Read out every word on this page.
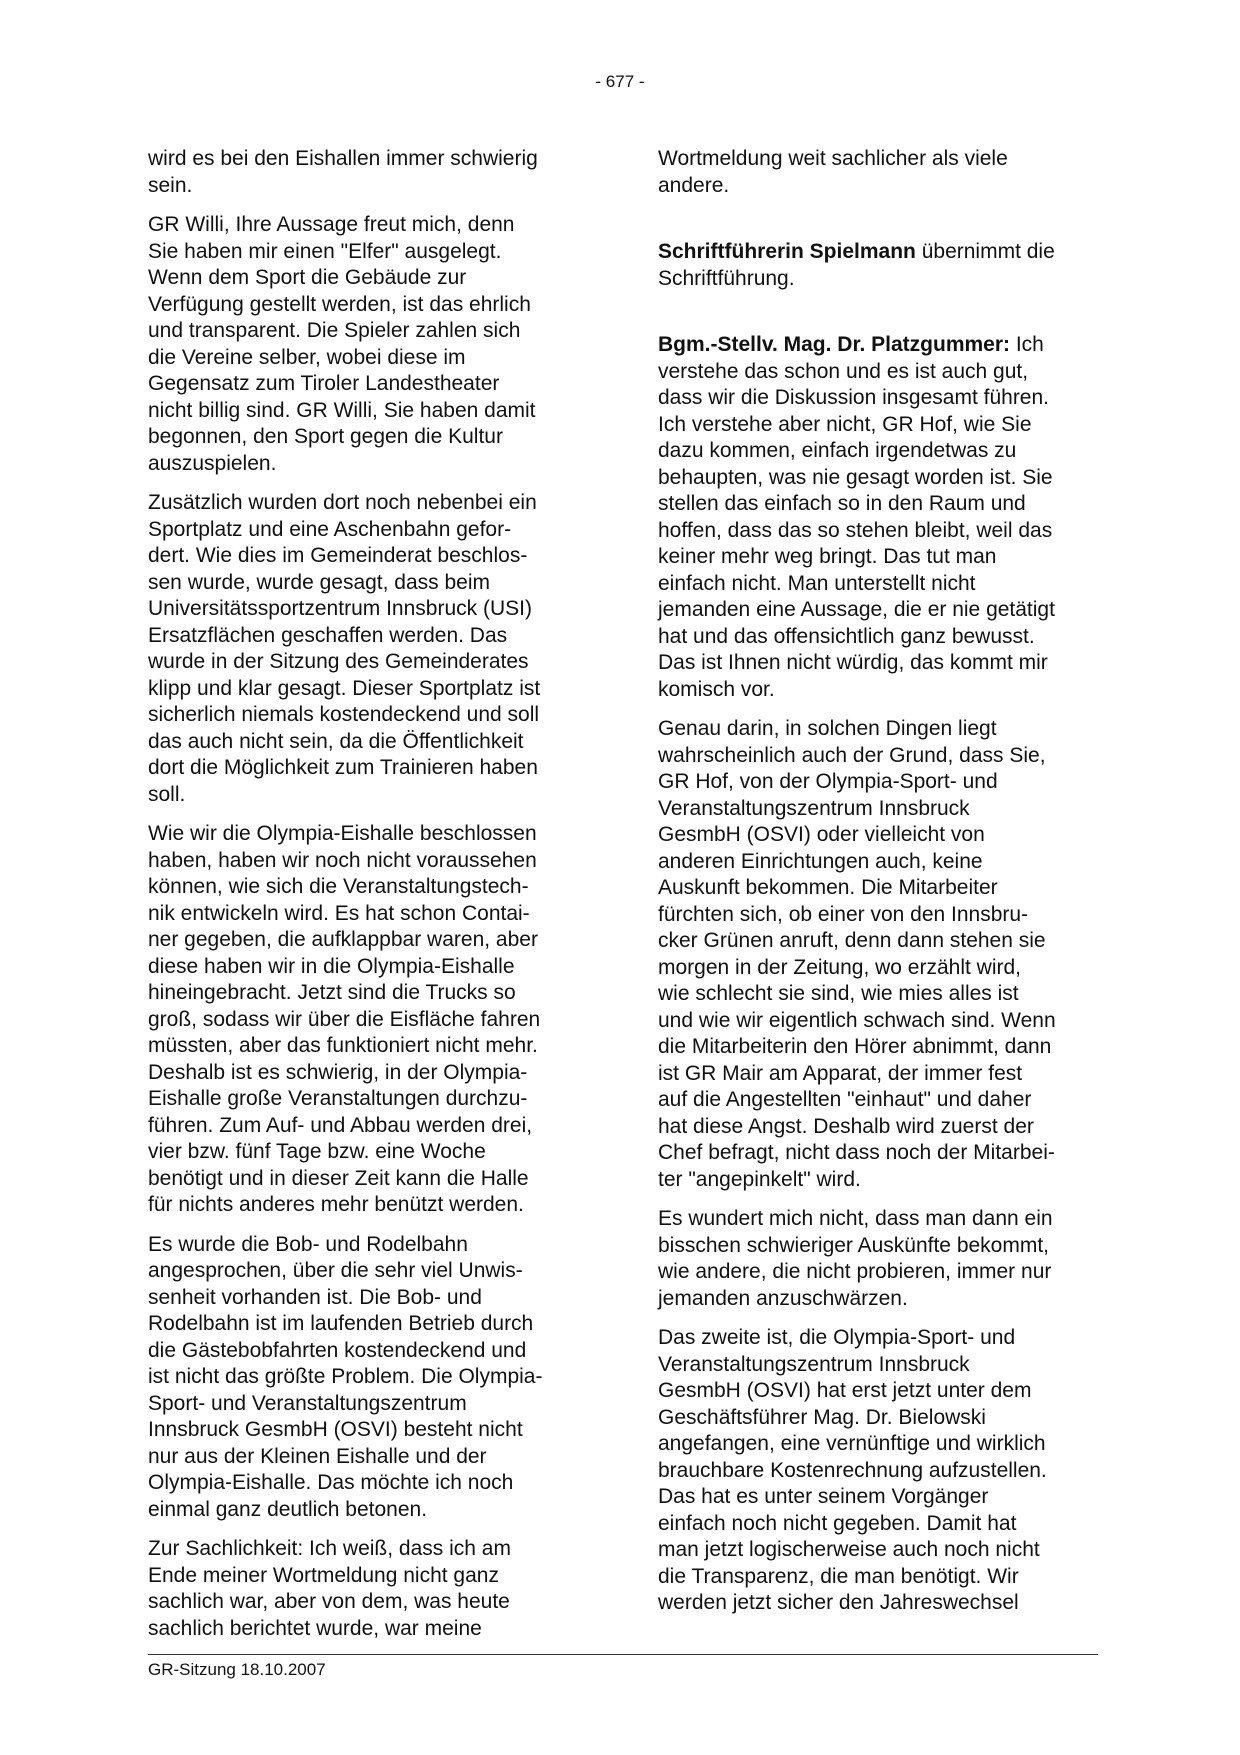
- 677 -

wird es bei den Eishallen immer schwierig
sein.

GR Willi, Ihre Aussage freut mich, denn
Sie haben mir einen "Elfer" ausgelegt.
Wenn dem Sport die Gebäude zur
Verfügung gestellt werden, ist das ehrlich
und transparent. Die Spieler zahlen sich
die Vereine selber, wobei diese im
Gegensatz zum Tiroler Landestheater
nicht billig sind. GR Willi, Sie haben damit
begonnen, den Sport gegen die Kultur
auszuspielen.

Zusätzlich wurden dort noch nebenbei ein
Sportplatz und eine Aschenbahn gefor-
dert. Wie dies im Gemeinderat beschlos-
sen wurde, wurde gesagt, dass beim
Universitätssportzentrum Innsbruck (USI)
Ersatzflächen geschaffen werden. Das
wurde in der Sitzung des Gemeinderates
klipp und klar gesagt. Dieser Sportplatz ist
sicherlich niemals kostendeckend und soll
das auch nicht sein, da die Öffentlichkeit
dort die Möglichkeit zum Trainieren haben
soll.

Wie wir die Olympia-Eishalle beschlossen
haben, haben wir noch nicht voraussehen
können, wie sich die Veranstaltungstech-
nik entwickeln wird. Es hat schon Contai-
ner gegeben, die aufklappbar waren, aber
diese haben wir in die Olympia-Eishalle
hineingebracht. Jetzt sind die Trucks so
groß, sodass wir über die Eisfläche fahren
müssten, aber das funktioniert nicht mehr.
Deshalb ist es schwierig, in der Olympia-
Eishalle große Veranstaltungen durchzu-
führen. Zum Auf- und Abbau werden drei,
vier bzw. fünf Tage bzw. eine Woche
benötigt und in dieser Zeit kann die Halle
für nichts anderes mehr benützt werden.

Es wurde die Bob- und Rodelbahn
angesprochen, über die sehr viel Unwis-
senheit vorhanden ist. Die Bob- und
Rodelbahn ist im laufenden Betrieb durch
die Gästebobfahrten kostendeckend und
ist nicht das größte Problem. Die Olympia-
Sport- und Veranstaltungszentrum
Innsbruck GesmbH (OSVI) besteht nicht
nur aus der Kleinen Eishalle und der
Olympia-Eishalle. Das möchte ich noch
einmal ganz deutlich betonen.

Zur Sachlichkeit: Ich weiß, dass ich am
Ende meiner Wortmeldung nicht ganz
sachlich war, aber von dem, was heute
sachlich berichtet wurde, war meine

Wortmeldung weit sachlicher als viele
andere.

Schriftführerin Spielmann übernimmt die
Schriftführung.

Bgm.-Stellv. Mag. Dr. Platzgummer: Ich
verstehe das schon und es ist auch gut,
dass wir die Diskussion insgesamt führen.
Ich verstehe aber nicht, GR Hof, wie Sie
dazu kommen, einfach irgendetwas zu
behaupten, was nie gesagt worden ist. Sie
stellen das einfach so in den Raum und
hoffen, dass das so stehen bleibt, weil das
keiner mehr weg bringt. Das tut man
einfach nicht. Man unterstellt nicht
jemanden eine Aussage, die er nie getätigt
hat und das offensichtlich ganz bewusst.
Das ist Ihnen nicht würdig, das kommt mir
komisch vor.

Genau darin, in solchen Dingen liegt
wahrscheinlich auch der Grund, dass Sie,
GR Hof, von der Olympia-Sport- und
Veranstaltungszentrum Innsbruck
GesmbH (OSVI) oder vielleicht von
anderen Einrichtungen auch, keine
Auskunft bekommen. Die Mitarbeiter
fürchten sich, ob einer von den Innsbru-
cker Grünen anruft, denn dann stehen sie
morgen in der Zeitung, wo erzählt wird,
wie schlecht sie sind, wie mies alles ist
und wie wir eigentlich schwach sind. Wenn
die Mitarbeiterin den Hörer abnimmt, dann
ist GR Mair am Apparat, der immer fest
auf die Angestellten "einhaut" und daher
hat diese Angst. Deshalb wird zuerst der
Chef befragt, nicht dass noch der Mitarbei-
ter "angepinkelt" wird.

Es wundert mich nicht, dass man dann ein
bisschen schwieriger Auskünfte bekommt,
wie andere, die nicht probieren, immer nur
jemanden anzuschwärzen.

Das zweite ist, die Olympia-Sport- und
Veranstaltungszentrum Innsbruck
GesmbH (OSVI) hat erst jetzt unter dem
Geschäftsführer Mag. Dr. Bielowski
angefangen, eine vernünftige und wirklich
brauchbare Kostenrechnung aufzustellen.
Das hat es unter seinem Vorgänger
einfach noch nicht gegeben. Damit hat
man jetzt logischerweise auch noch nicht
die Transparenz, die man benötigt. Wir
werden jetzt sicher den Jahreswechsel

GR-Sitzung 18.10.2007
